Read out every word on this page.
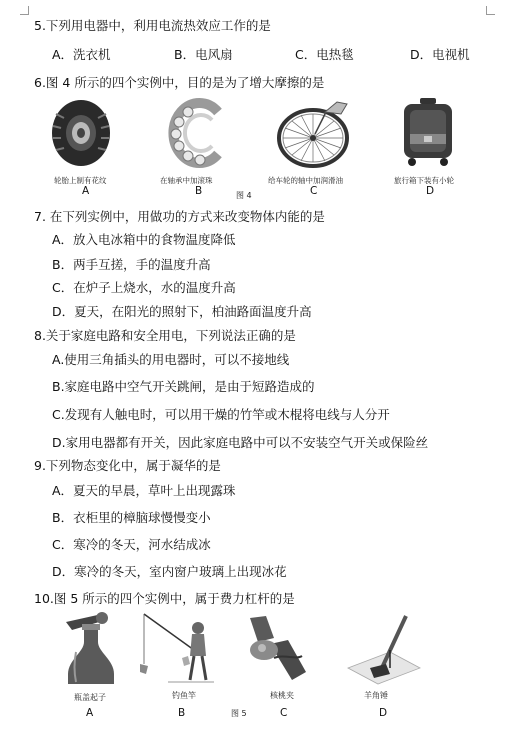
5.下列用电器中，利用电流热效应工作的是
A．洗衣机	B．电风扇	C．电热毯	D．电视机
6.图 4 所示的四个实例中，目的是为了增大摩擦的是
轮胎上制有花纹	在轴承中加滚珠	给车轮的轴中加润滑油	旅行箱下装有小轮
A	B	图 4	C	D
7. 在下列实例中，用做功的方式来改变物体内能的是
A．放入电冰箱中的食物温度降低
B．两手互搓，手的温度升高
C．在炉子上烧水，水的温度升高
D．夏天，在阳光的照射下，柏油路面温度升高
8.关于家庭电路和安全用电，下列说法正确的是
A.使用三角插头的用电器时，可以不接地线
B.家庭电路中空气开关跳闸，是由于短路造成的
C.发现有人触电时，可以用干燥的竹竿或木棍将电线与人分开
D.家用电器都有开关，因此家庭电路中可以不安装空气开关或保险丝
9.下列物态变化中，属于凝华的是
A．夏天的早晨，草叶上出现露珠
B．衣柜里的樟脑球慢慢变小
C．寒冷的冬天，河水结成冰
D．寒冷的冬天，室内窗户玻璃上出现冰花
10.图 5 所示的四个实例中，属于费力杠杆的是
瓶盖起子	钓鱼竿	核桃夹	羊角锤
A	B	图 5	C	D
